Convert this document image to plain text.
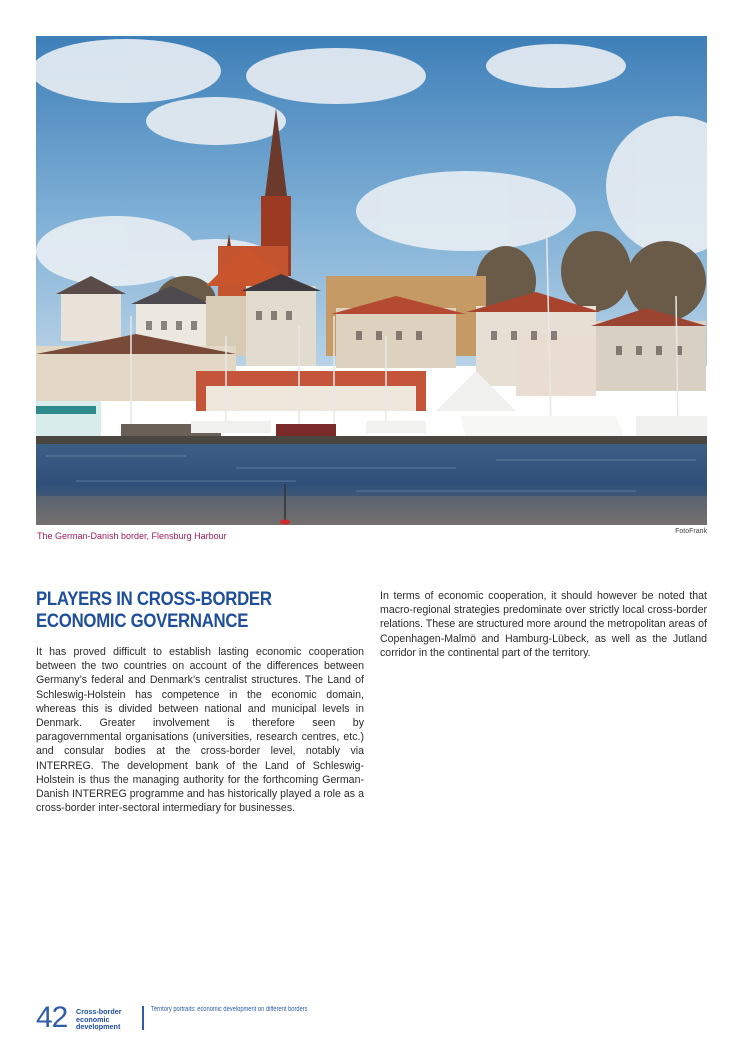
The German-Danish border, Flensburg Harbour	FotoFrank
PLAYERS IN CROSS-BORDER ECONOMIC GOVERNANCE

It has proved difficult to establish lasting economic cooperation between the two countries on account of the differences between Germany’s federal and Denmark’s centralist structures. The Land of Schleswig-Holstein has competence in the economic domain, whereas this is divided between national and municipal levels in Denmark. Greater involvement is therefore seen by paragovernmental organisations (universities, research centres, etc.) and consular bodies at the cross-border level, notably via INTERREG. The development bank of the Land of Schleswig-Holstein is thus the managing authority for the forthcoming German-Danish INTERREG programme and has historically played a role as a cross-border inter-sectoral intermediary for businesses.

In terms of economic cooperation, it should however be noted that macro-regional strategies predominate over strictly local cross-border relations. These are structured more around the metropolitan areas of Copenhagen-Malmö and Hamburg-Lübeck, as well as the Jutland corridor in the continental part of the territory.

42 Cross-border
economic
development
Territory portraits: economic development on different borders
